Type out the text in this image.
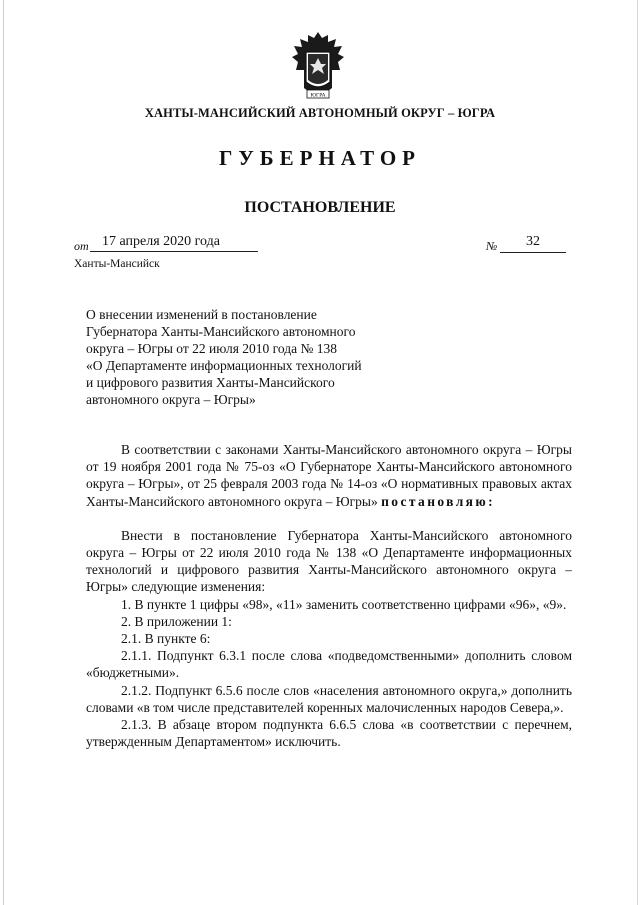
ЮГРА
ХАНТЫ-МАНСИЙСКИЙ АВТОНОМНЫЙ ОКРУГ – ЮГРА
ГУБЕРНАТОР
ПОСТАНОВЛЕНИЕ
от 17 апреля 2020 года	№	32
Ханты-Мансийск
О внесении изменений в постановление
Губернатора Ханты-Мансийского автономного
округа – Югры от 22 июля 2010 года № 138
«О Департаменте информационных технологий
и цифрового развития Ханты-Мансийского
автономного округа – Югры»

В соответствии с законами Ханты-Мансийского автономного округа – Югры от 19 ноября 2001 года № 75-оз «О Губернаторе Ханты-Мансийского автономного округа – Югры», от 25 февраля 2003 года № 14-оз «О нормативных правовых актах Ханты-Мансийского автономного округа – Югры» постановляю:

Внести в постановление Губернатора Ханты-Мансийского автономного округа – Югры от 22 июля 2010 года № 138 «О Департаменте информационных технологий и цифрового развития Ханты-Мансийского автономного округа – Югры» следующие изменения:

1. В пункте 1 цифры «98», «11» заменить соответственно цифрами «96», «9».

2. В приложении 1:

2.1. В пункте 6:

2.1.1. Подпункт 6.3.1 после слова «подведомственными» дополнить словом «бюджетными».

2.1.2. Подпункт 6.5.6 после слов «населения автономного округа,» дополнить словами «в том числе представителей коренных малочисленных народов Севера,».

2.1.3. В абзаце втором подпункта 6.6.5 слова «в соответствии с перечнем, утвержденным Департаментом» исключить.
